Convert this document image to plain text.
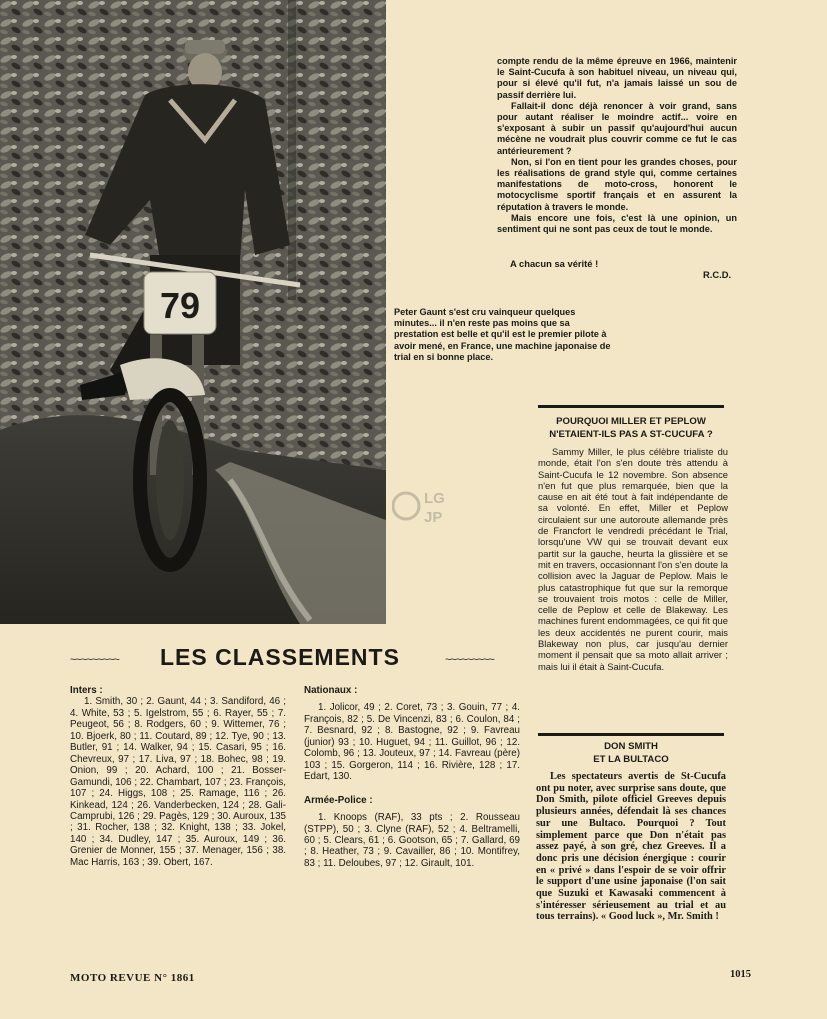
79

compte rendu de la même épreuve en 1966, maintenir le Saint-Cucufa à son habituel niveau, un niveau qui, pour si élevé qu'il fut, n'a jamais laissé un sou de passif derrière lui.

Fallait-il donc déjà renoncer à voir grand, sans pour autant réaliser le moindre actif... voire en s'exposant à subir un passif qu'aujourd'hui aucun mécène ne voudrait plus couvrir comme ce fut le cas antérieurement ?

Non, si l'on en tient pour les grandes choses, pour les réalisations de grand style qui, comme certaines manifestations de moto-cross, honorent le motocyclisme sportif français et en assurent la réputation à travers le monde.

Mais encore une fois, c'est là une opinion, un sentiment qui ne sont pas ceux de tout le monde.

A chacun sa vérité !
R.C.D.
Peter Gaunt s'est cru vainqueur quelques minutes... il n'en reste pas moins que sa prestation est belle et qu'il est le premier pilote à avoir mené, en France, une machine japonaise de trial en si bonne place.
LG
JP
POURQUOI MILLER ET PEPLOW
N'ETAIENT-ILS PAS A ST-CUCUFA ?

Sammy Miller, le plus célèbre trialiste du monde, était l'on s'en doute très attendu à Saint-Cucufa le 12 novembre. Son absence n'en fut que plus remarquée, bien que la cause en ait été tout à fait indépendante de sa volonté. En effet, Miller et Peplow circulaient sur une autoroute allemande près de Francfort le vendredi précédant le Trial, lorsqu'une VW qui se trouvait devant eux partit sur la gauche, heurta la glissière et se mit en travers, occasionnant l'on s'en doute la collision avec la Jaguar de Peplow. Mais le plus catastrophique fut que sur la remorque se trouvaient trois motos : celle de Miller, celle de Peplow et celle de Blakeway. Les machines furent endommagées, ce qui fit que les deux accidentés ne purent courir, mais Blakeway non plus, car jusqu'au dernier moment il pensait que sa moto allait arriver ; mais lui il était à Saint-Cucufa.

DON SMITH
ET LA BULTACO

Les spectateurs avertis de St-Cucufa ont pu noter, avec surprise sans doute, que Don Smith, pilote officiel Greeves depuis plusieurs années, défendait là ses chances sur une Bultaco. Pourquoi ? Tout simplement parce que Don n'était pas assez payé, à son gré, chez Greeves. Il a donc pris une décision énergique : courir en « privé » dans l'espoir de se voir offrir le support d'une usine japonaise (l'on sait que Suzuki et Kawasaki commencent à s'intéresser sérieusement au trial et au tous terrains). « Good luck », Mr. Smith !

~~~~~~~~~ LES CLASSEMENTS	~~~~~~~~~
Inters :
1. Smith, 30 ; 2. Gaunt, 44 ; 3. Sandiford, 46 ; 4. White, 53 ; 5. Igelstrom, 55 ; 6. Rayer, 55 ; 7. Peugeot, 56 ; 8. Rodgers, 60 ; 9. Wittemer, 76 ; 10. Bjoerk, 80 ; 11. Coutard, 89 ; 12. Tye, 90 ; 13. Butler, 91 ; 14. Walker, 94 ; 15. Casari, 95 ; 16. Chevreux, 97 ; 17. Liva, 97 ; 18. Bohec, 98 ; 19. Onion, 99 ; 20. Achard, 100 ; 21. Bosser-Gamundi, 106 ; 22. Chambart, 107 ; 23. François, 107 ; 24. Higgs, 108 ; 25. Ramage, 116 ; 26. Kinkead, 124 ; 26. Vanderbecken, 124 ; 28. Gali-Camprubi, 126 ; 29. Pagès, 129 ; 30. Auroux, 135 ; 31. Rocher, 138 ; 32. Knight, 138 ; 33. Jokel, 140 ; 34. Dudley, 147 ; 35. Auroux, 149 ; 36. Grenier de Monner, 155 ; 37. Menager, 156 ; 38. Mac Harris, 163 ; 39. Obert, 167.
Nationaux :
1. Jolicor, 49 ; 2. Coret, 73 ; 3. Gouin, 77 ; 4. François, 82 ; 5. De Vincenzi, 83 ; 6. Coulon, 84 ; 7. Besnard, 92 ; 8. Bastogne, 92 ; 9. Favreau (junior) 93 ; 10. Huguet, 94 ; 11. Guillot, 96 ; 12. Colomb, 96 ; 13. Jouteux, 97 ; 14. Favreau (père) 103 ; 15. Gorgeron, 114 ; 16. Rivière, 128 ; 17. Edart, 130.
Armée-Police :
1. Knoops (RAF), 33 pts ; 2. Rousseau (STPP), 50 ; 3. Clyne (RAF), 52 ; 4. Beltramelli, 60 ; 5. Clears, 61 ; 6. Gootson, 65 ; 7. Gallard, 69 ; 8. Heather, 73 ; 9. Cavailler, 86 ; 10. Montifrey, 83 ; 11. Deloubes, 97 ; 12. Girault, 101.
MOTO REVUE N° 1861	1015
